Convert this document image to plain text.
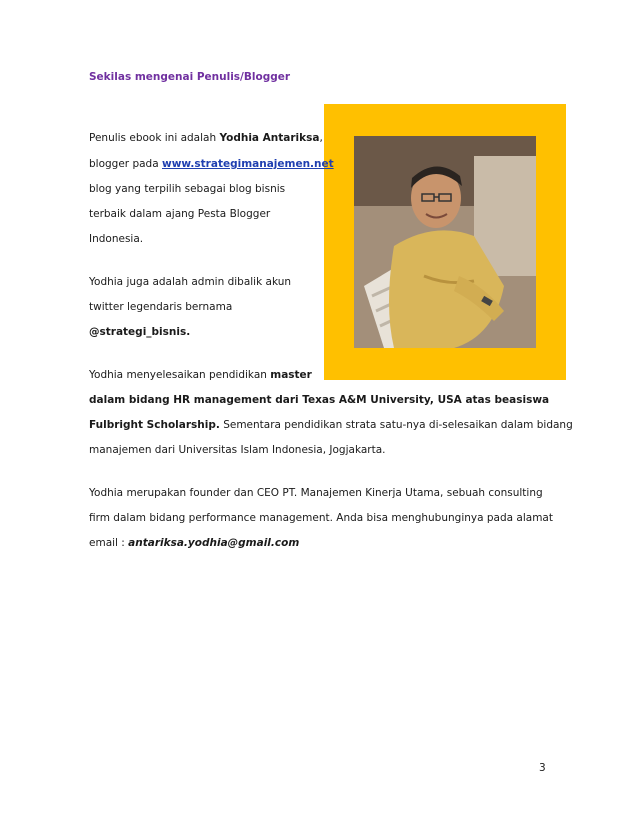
Sekilas mengenai Penulis/Blogger
Penulis ebook ini adalah Yodhia Antariksa,
blogger pada www.strategimanajemen.net
blog yang terpilih sebagai blog bisnis
terbaik dalam ajang Pesta Blogger
Indonesia.
Yodhia juga adalah admin dibalik akun
twitter legendaris bernama
@strategi_bisnis.
Yodhia menyelesaikan pendidikan master
dalam bidang HR management dari Texas A&M University, USA atas beasiswa
Fulbright Scholarship. Sementara pendidikan strata satu-nya di-selesaikan dalam bidang
manajemen dari Universitas Islam Indonesia, Jogjakarta.
Yodhia merupakan founder dan CEO PT. Manajemen Kinerja Utama, sebuah consulting
firm dalam bidang performance management. Anda bisa menghubunginya pada alamat
email : antariksa.yodhia@gmail.com
3
